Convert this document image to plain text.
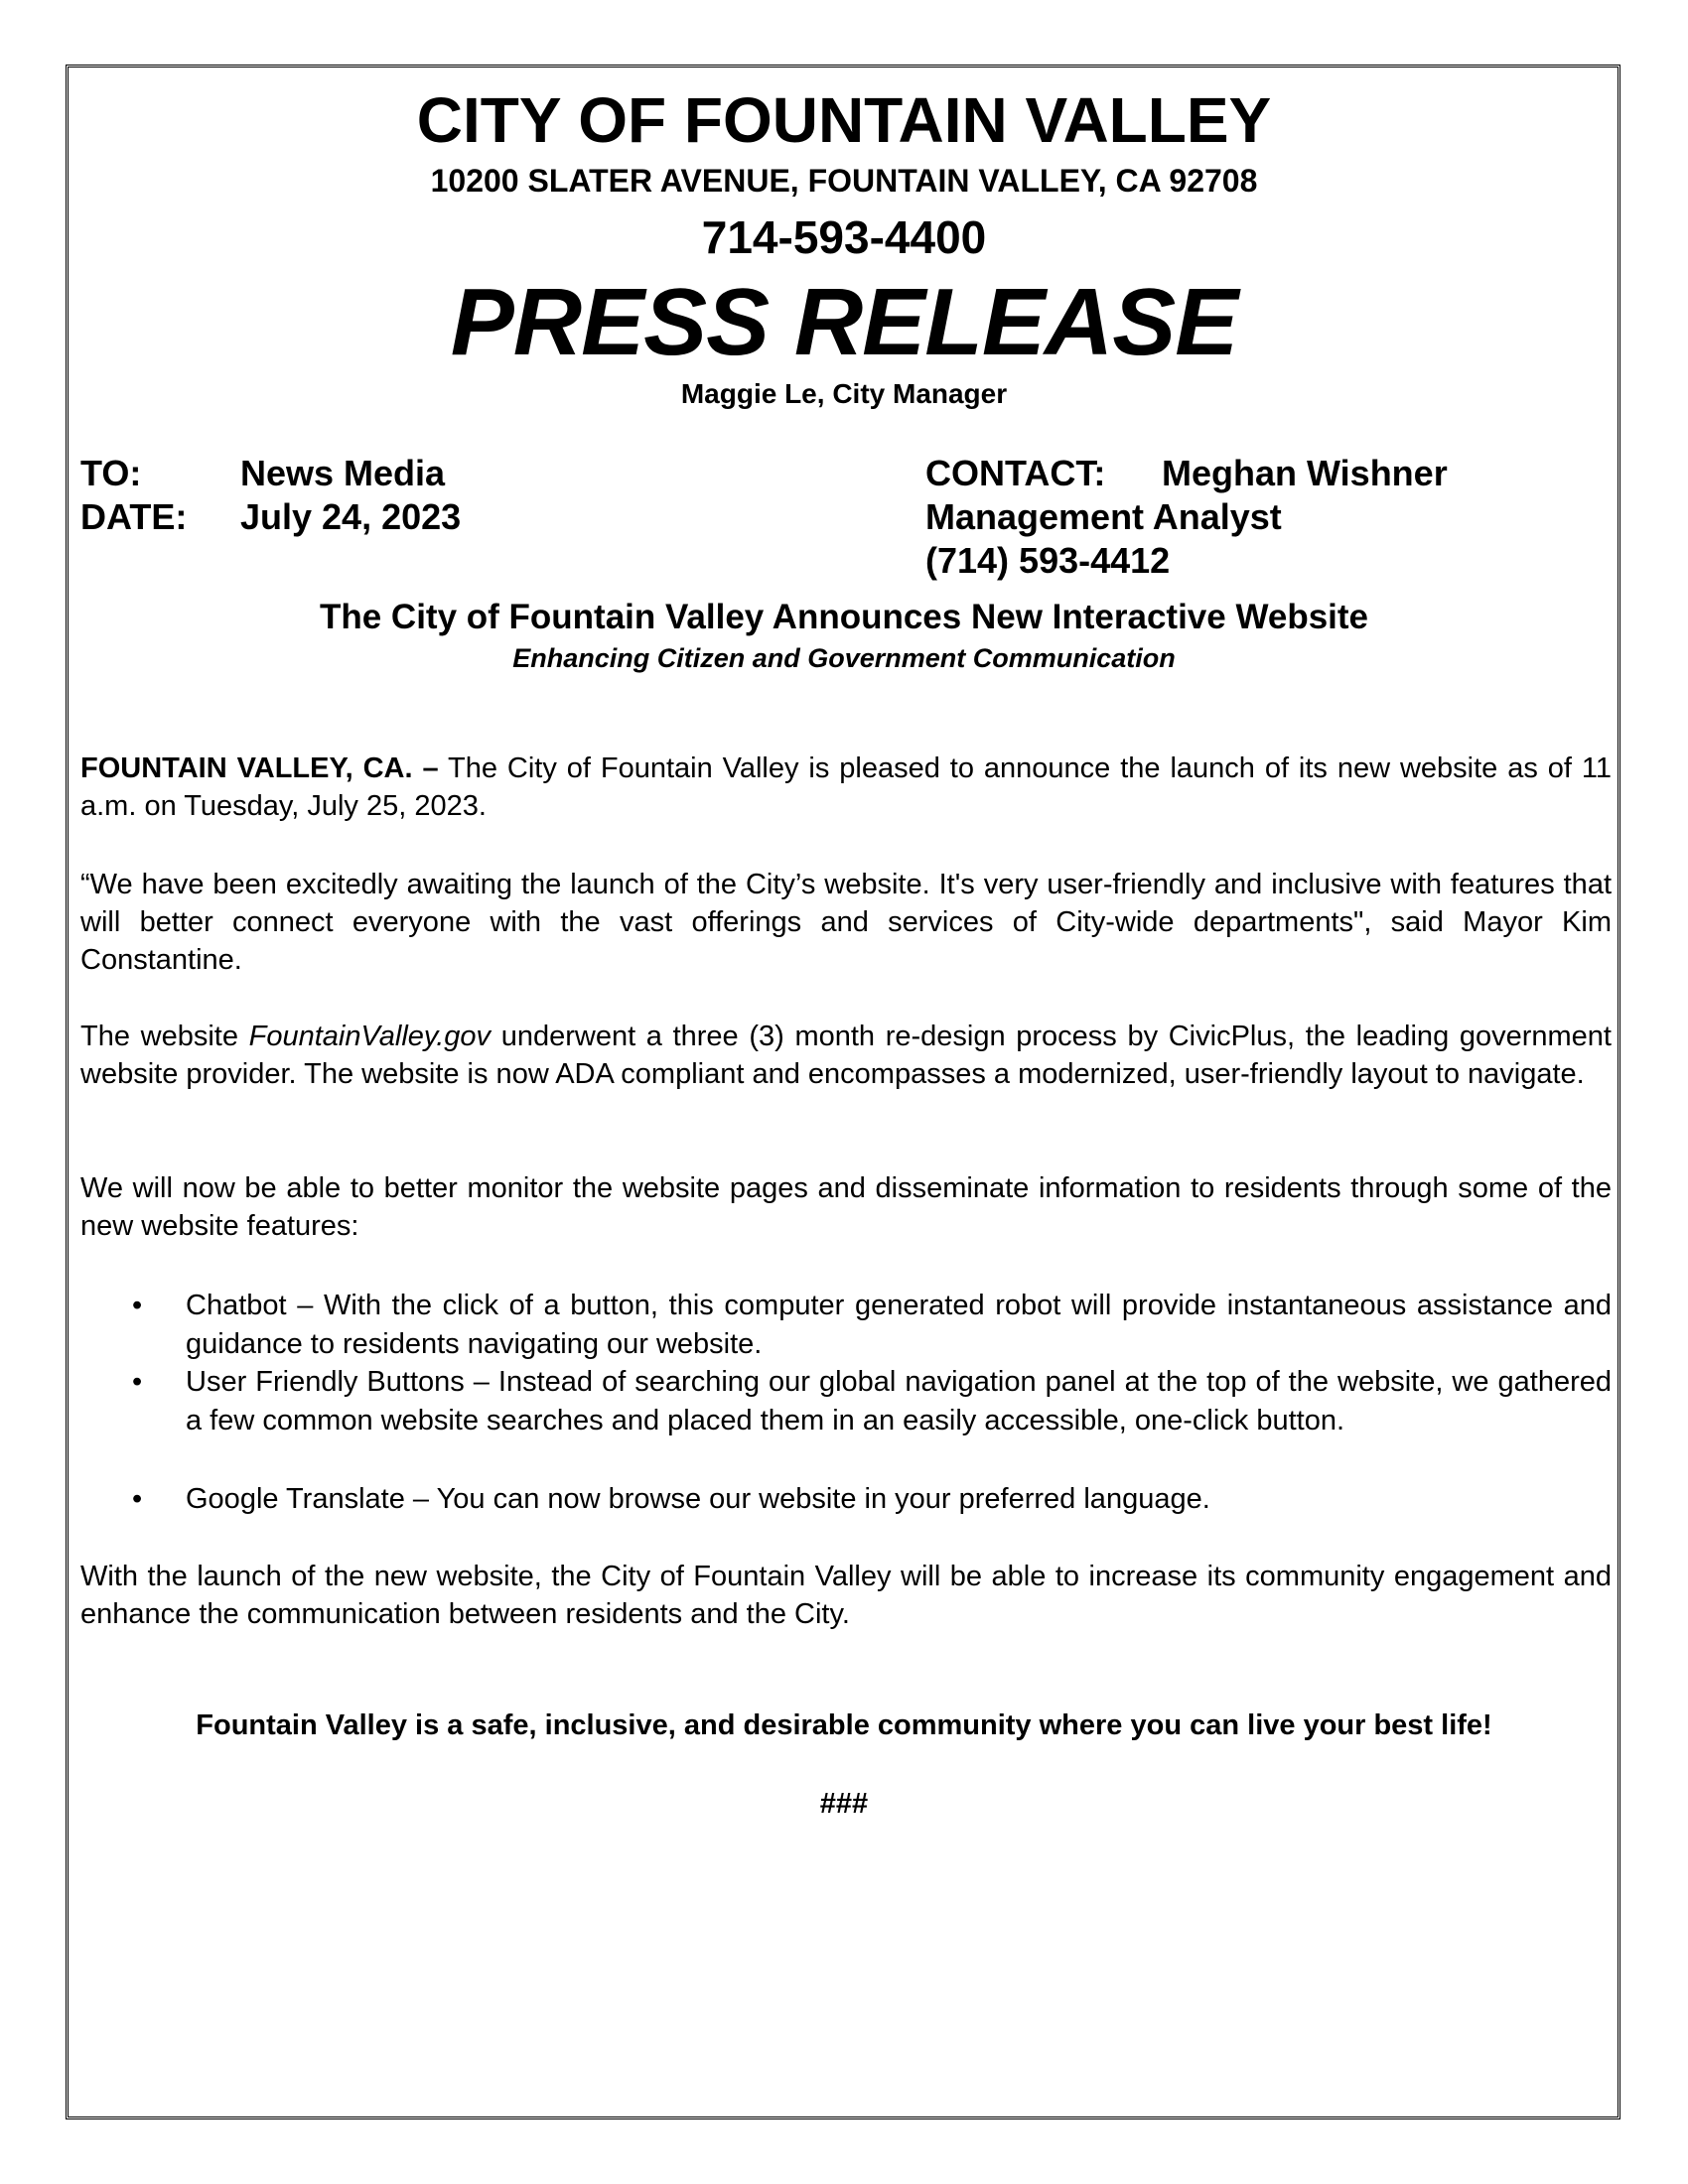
CITY OF FOUNTAIN VALLEY
10200 SLATER AVENUE, FOUNTAIN VALLEY, CA 92708
714-593-4400
PRESS RELEASE
Maggie Le, City Manager
TO:	News Media
DATE: July 24, 2023
CONTACT: Meghan Wishner
Management Analyst
(714) 593-4412
The City of Fountain Valley Announces New Interactive Website
Enhancing Citizen and Government Communication
FOUNTAIN VALLEY, CA. – The City of Fountain Valley is pleased to announce the launch of its new website as of 11 a.m. on Tuesday, July 25, 2023.
“We have been excitedly awaiting the launch of the City’s website. It's very user-friendly and inclusive with features that will better connect everyone with the vast offerings and services of City-wide departments", said Mayor Kim Constantine.
The website FountainValley.gov underwent a three (3) month re-design process by CivicPlus, the leading government website provider. The website is now ADA compliant and encompasses a modernized, user-friendly layout to navigate.
We will now be able to better monitor the website pages and disseminate information to residents through some of the new website features:
• Chatbot – With the click of a button, this computer generated robot will provide instantaneous assistance and guidance to residents navigating our website.
• User Friendly Buttons – Instead of searching our global navigation panel at the top of the website, we gathered a few common website searches and placed them in an easily accessible, one-click button.
• Google Translate – You can now browse our website in your preferred language.
With the launch of the new website, the City of Fountain Valley will be able to increase its community engagement and enhance the communication between residents and the City.
Fountain Valley is a safe, inclusive, and desirable community where you can live your best life!
###
